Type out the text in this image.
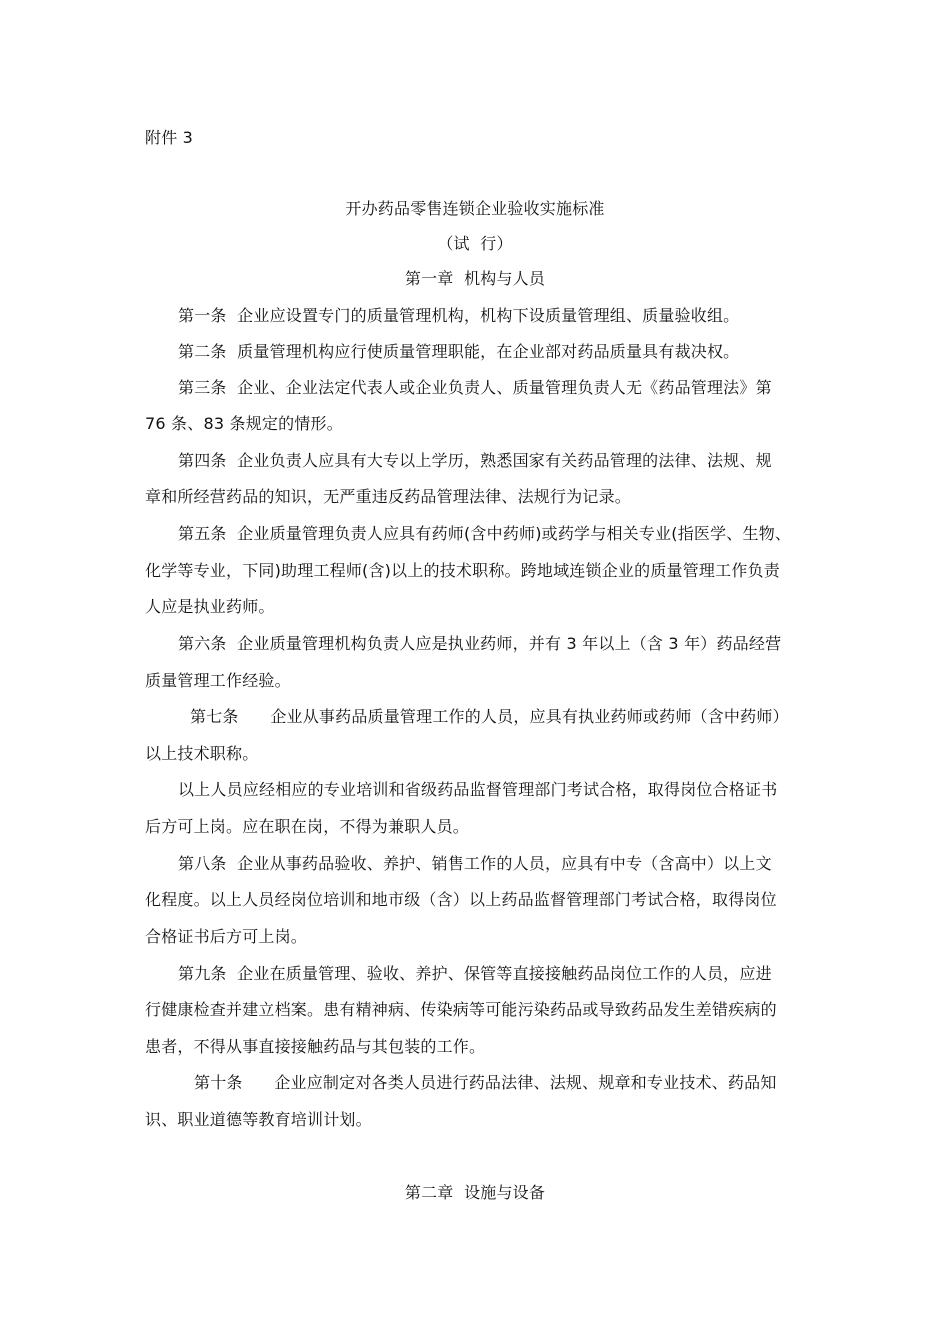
附件 3
开办药品零售连锁企业验收实施标准
（试  行）
第一章  机构与人员
第一条  企业应设置专门的质量管理机构，机构下设质量管理组、质量验收组。
第二条  质量管理机构应行使质量管理职能，在企业部对药品质量具有裁决权。
第三条  企业、企业法定代表人或企业负责人、质量管理负责人无《药品管理法》第
76 条、83 条规定的情形。
第四条  企业负责人应具有大专以上学历，熟悉国家有关药品管理的法律、法规、规
章和所经营药品的知识，无严重违反药品管理法律、法规行为记录。
第五条  企业质量管理负责人应具有药师(含中药师)或药学与相关专业(指医学、生物、
化学等专业，下同)助理工程师(含)以上的技术职称。跨地域连锁企业的质量管理工作负责
人应是执业药师。
第六条  企业质量管理机构负责人应是执业药师，并有 3 年以上（含 3 年）药品经营
质量管理工作经验。
第七条      企业从事药品质量管理工作的人员，应具有执业药师或药师（含中药师）
以上技术职称。
以上人员应经相应的专业培训和省级药品监督管理部门考试合格，取得岗位合格证书
后方可上岗。应在职在岗，不得为兼职人员。
第八条  企业从事药品验收、养护、销售工作的人员，应具有中专（含高中）以上文
化程度。以上人员经岗位培训和地市级（含）以上药品监督管理部门考试合格，取得岗位
合格证书后方可上岗。
第九条  企业在质量管理、验收、养护、保管等直接接触药品岗位工作的人员，应进
行健康检查并建立档案。患有精神病、传染病等可能污染药品或导致药品发生差错疾病的
患者，不得从事直接接触药品与其包装的工作。
第十条      企业应制定对各类人员进行药品法律、法规、规章和专业技术、药品知
识、职业道德等教育培训计划。
第二章  设施与设备
